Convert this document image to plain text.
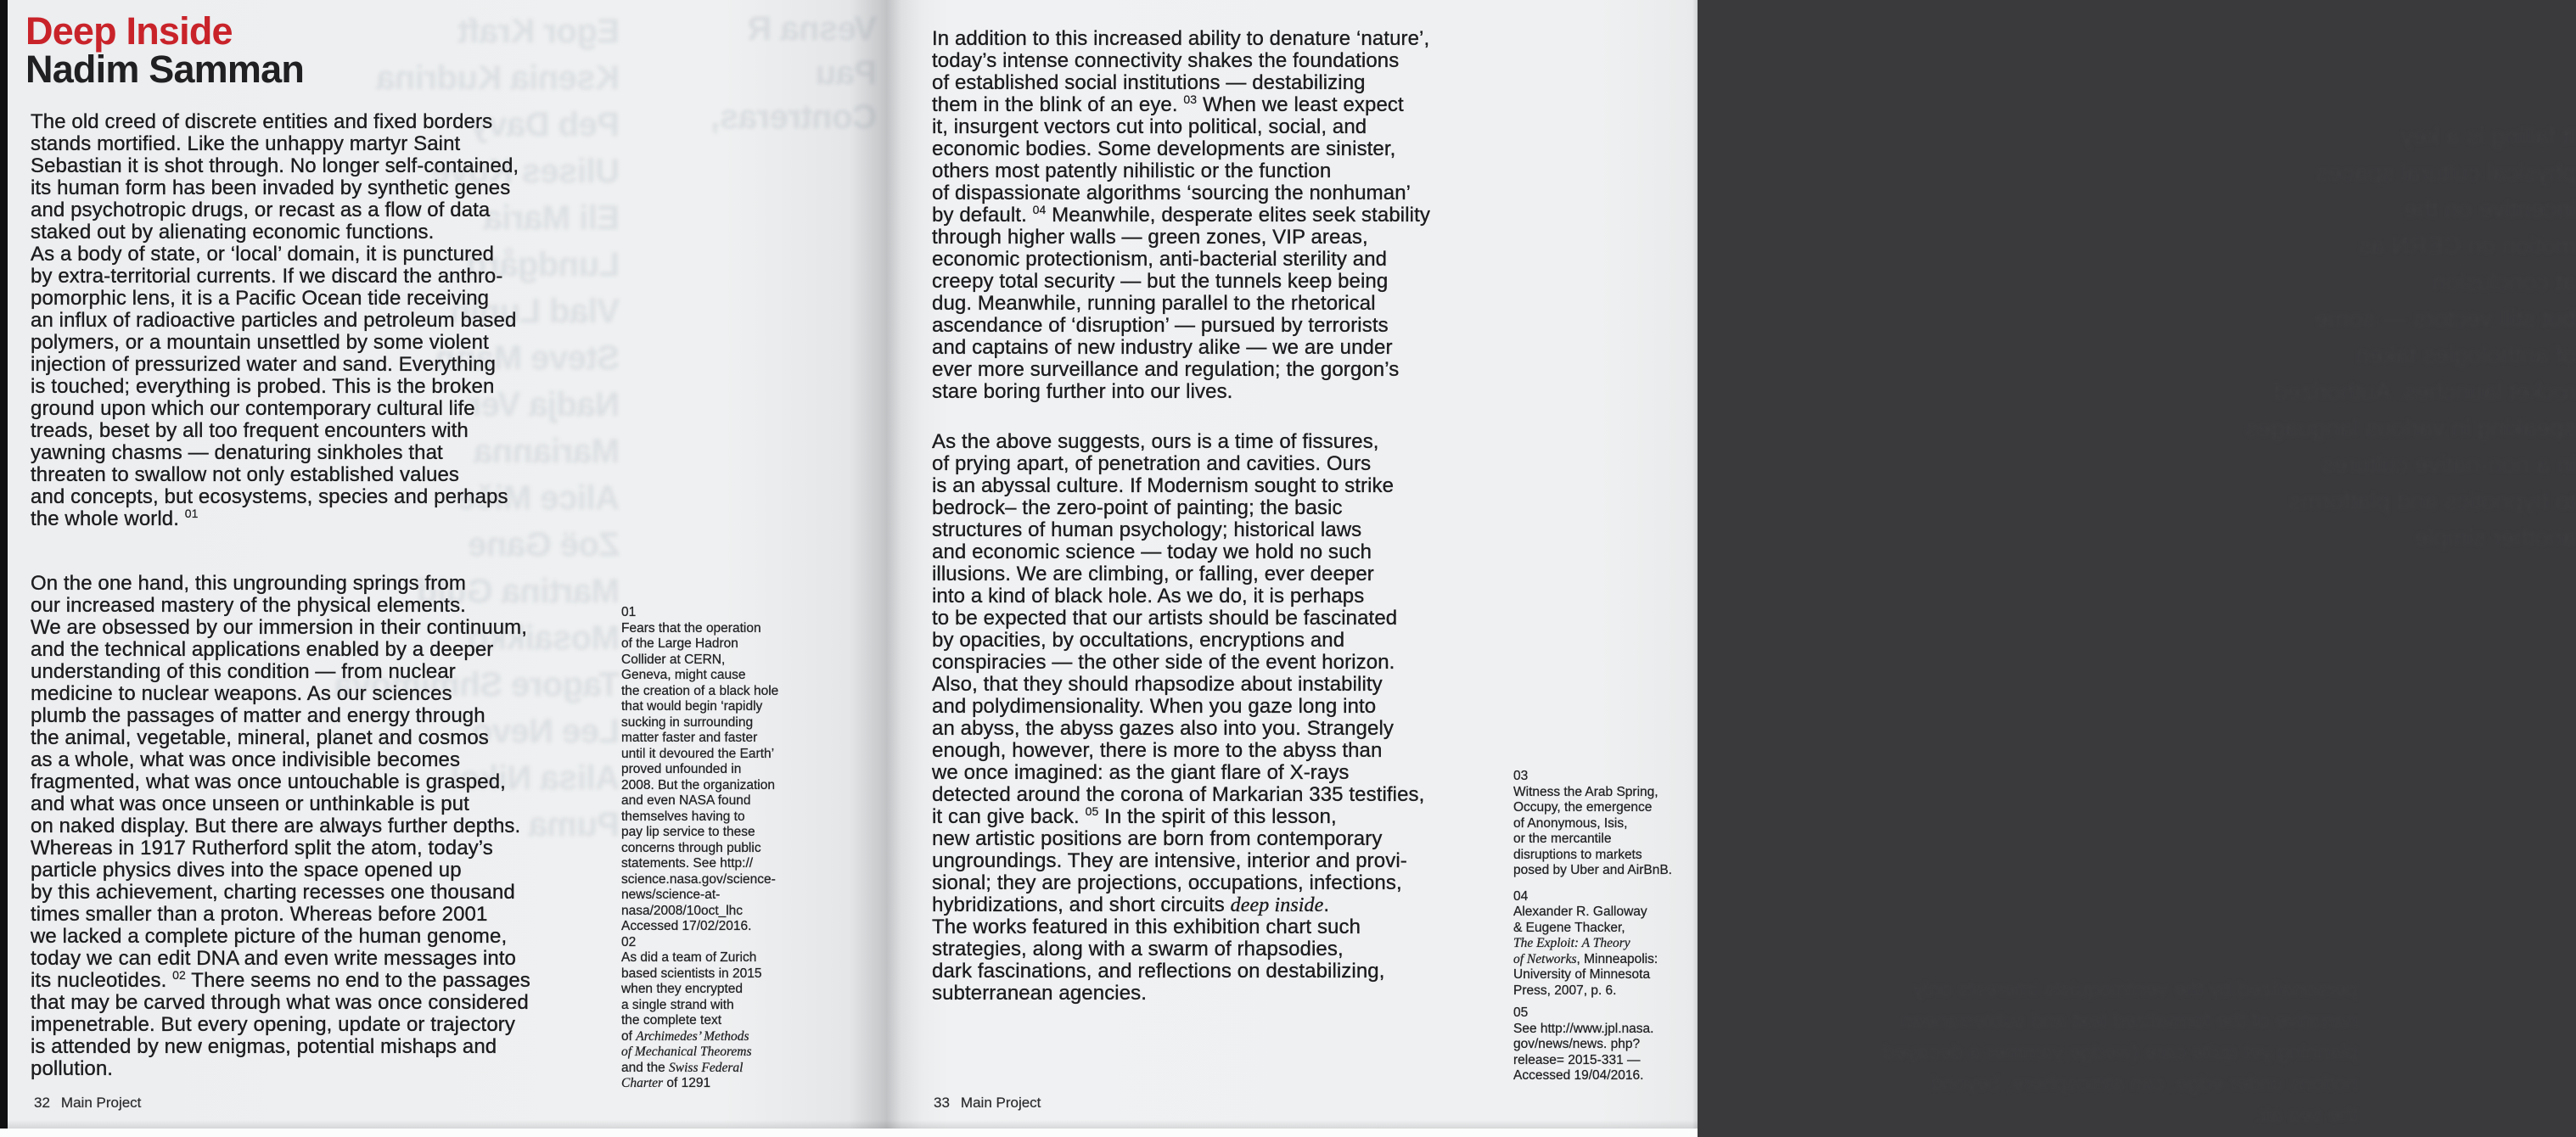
Egor Kraft
Ksenia Kudrina
Peb Davy
Ulises Kove
Eli Maria
Lundgård
Vlad Lunin
Steve Mann
Nadja Ver
Marianna
Alice Miče
Zoë Gane
Martina Guld
Mosaikko
Tagore Shmimova
Lee Nevo
Alisa Nikol
Puma
Vesna R
Pau
Contreras,
Deep Inside
Nadim Samman
The old creed of discrete entities and fixed borders
stands mortified. Like the unhappy martyr Saint
Sebastian it is shot through. No longer self-contained,
its human form has been invaded by synthetic genes
and psychotropic drugs, or recast as a flow of data
staked out by alienating economic functions.
As a body of state, or ‘local’ domain, it is punctured
by extra-territorial currents. If we discard the anthro-
pomorphic lens, it is a Pacific Ocean tide receiving
an influx of radioactive particles and petroleum based
polymers, or a mountain unsettled by some violent
injection of pressurized water and sand. Everything
is touched; everything is probed. This is the broken
ground upon which our contemporary cultural life
treads, beset by all too frequent encounters with
yawning chasms — denaturing sinkholes that
threaten to swallow not only established values
and concepts, but ecosystems, species and perhaps
the whole world. $^{01}$
On the one hand, this ungrounding springs from
our increased mastery of the physical elements.
We are obsessed by our immersion in their continuum,
and the technical applications enabled by a deeper
understanding of this condition — from nuclear
medicine to nuclear weapons. As our sciences
plumb the passages of matter and energy through
the animal, vegetable, mineral, planet and cosmos
as a whole, what was once indivisible becomes
fragmented, what was once untouchable is grasped,
and what was once unseen or unthinkable is put
on naked display. But there are always further depths.
Whereas in 1917 Rutherford split the atom, today’s
particle physics dives into the space opened up
by this achievement, charting recesses one thousand
times smaller than a proton. Whereas before 2001
we lacked a complete picture of the human genome,
today we can edit DNA and even write messages into
its nucleotides. $^{02}$ There seems no end to the passages
that may be carved through what was once considered
impenetrable. But every opening, update or trajectory
is attended by new enigmas, potential mishaps and
pollution.
01
Fears that the operation
of the Large Hadron
Collider at CERN,
Geneva, might cause
the creation of a black hole
that would begin ‘rapidly
sucking in surrounding
matter faster and faster
until it devoured the Earth’
proved unfounded in
2008. But the organization
and even NASA found
themselves having to
pay lip service to these
concerns through public
statements. See http://
science.nasa.gov/science-
news/science-at-
nasa/2008/10oct_lhc
Accessed 17/02/2016.
02
As did a team of Zurich
based scientists in 2015
when they encrypted
a single strand with
the complete text
of Archimedes’ Methods
of Mechanical Theorems
and the Swiss Federal
Charter of 1291
32 Main Project
It falling is a key
physical cultural spaces
incentive on the
motion on CERN as
at conclusion
but still vectors — some
of anthologies taken
rocket launches. Authorized
speaking in various languages
in a non-native cultures
to hypnotics and platforms
another simple
personalized by the ventriloquists interests only
narrative of the formalized text and subterranean
planning yet quite care (wedge yammer a decayed
notions under edge, can atmosphere, beyond
the sea air.
In addition to this increased ability to denature ‘nature’,
today’s intense connectivity shakes the foundations
of established social institutions — destabilizing
them in the blink of an eye. $^{03}$ When we least expect
it, insurgent vectors cut into political, social, and
economic bodies. Some developments are sinister,
others most patently nihilistic or the function
of dispassionate algorithms ‘sourcing the nonhuman’
by default. $^{04}$ Meanwhile, desperate elites seek stability
through higher walls — green zones, VIP areas,
economic protectionism, anti-bacterial sterility and
creepy total security — but the tunnels keep being
dug. Meanwhile, running parallel to the rhetorical
ascendance of ‘disruption’ — pursued by terrorists
and captains of new industry alike — we are under
ever more surveillance and regulation; the gorgon’s
stare boring further into our lives.
As the above suggests, ours is a time of fissures,
of prying apart, of penetration and cavities. Ours
is an abyssal culture. If Modernism sought to strike
bedrock– the zero-point of painting; the basic
structures of human psychology; historical laws
and economic science — today we hold no such
illusions. We are climbing, or falling, ever deeper
into a kind of black hole. As we do, it is perhaps
to be expected that our artists should be fascinated
by opacities, by occultations, encryptions and
conspiracies — the other side of the event horizon.
Also, that they should rhapsodize about instability
and polydimensionality. When you gaze long into
an abyss, the abyss gazes also into you. Strangely
enough, however, there is more to the abyss than
we once imagined: as the giant flare of X-rays
detected around the corona of Markarian 335 testifies,
it can give back. $^{05}$ In the spirit of this lesson,
new artistic positions are born from contemporary
ungroundings. They are intensive, interior and provi-
sional; they are projections, occupations, infections,
hybridizations, and short circuits deep inside.
The works featured in this exhibition chart such
strategies, along with a swarm of rhapsodies,
dark fascinations, and reflections on destabilizing,
subterranean agencies.
03
Witness the Arab Spring,
Occupy, the emergence
of Anonymous, Isis,
or the mercantile
disruptions to markets
posed by Uber and AirBnB.
04
Alexander R. Galloway
& Eugene Thacker,
The Exploit: A Theory
of Networks, Minneapolis:
University of Minnesota
Press, 2007, p. 6.
05
See http://www.jpl.nasa.
gov/news/news. php?
release= 2015-331 —
Accessed 19/04/2016.
33 Main Project
